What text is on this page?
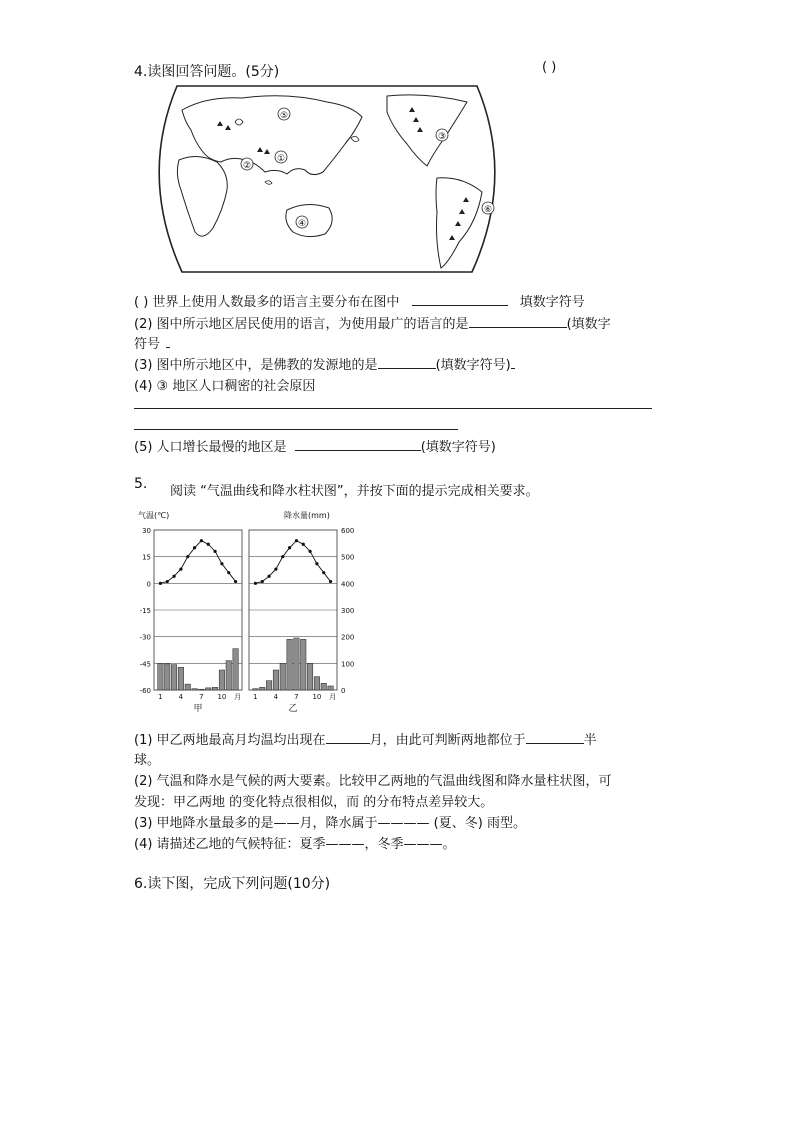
4.读图回答问题。(5分)	( )
①
②
③
④
⑤
⑥
( ) 世界上使用人数最多的语言主要分布在图中	填数字符号
(2) 图中所示地区居民使用的语言，为使用最广的语言的是	(填数字
符号
(3) 图中所示地区中，是佛教的发源地的是	(填数字符号)
(4) ③ 地区人口稠密的社会原因
(5) 人口增长最慢的地区是	(填数字符号)
5. 阅读 “气温曲线和降水柱状图”，并按下面的提示完成相关要求。
气温(℃)	降水量(mm)
30
15
0
-15
-30
-45
-60
600
500
400
300
200
100
0
1 4 7 10 月 1 4 7 10 月
甲	乙
(1) 甲乙两地最高月均温均出现在	月，由此可判断两地都位于	半
球。
(2) 气温和降水是气候的两大要素。比较甲乙两地的气温曲线图和降水量柱状图，可
发现：甲乙两地 的变化特点很相似，而 的分布特点差异较大。
(3) 甲地降水量最多的是——月，降水属于———— (夏、冬) 雨型。
(4) 请描述乙地的气候特征：夏季———，冬季———。
6.读下图，完成下列问题(10分)
